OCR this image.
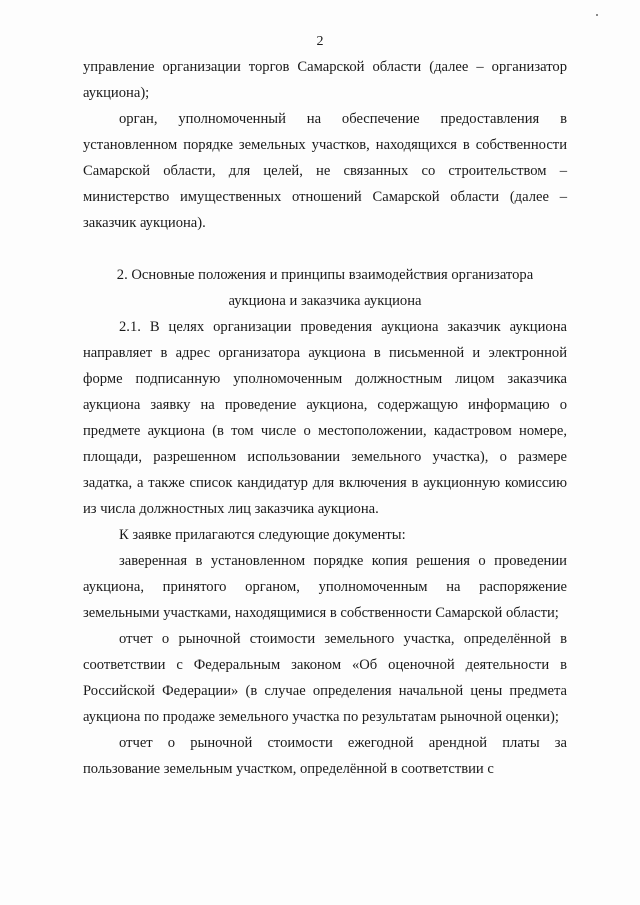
2

управление организации торгов Самарской области (далее – организатор аукциона);

орган, уполномоченный на обеспечение предоставления в установленном порядке земельных участков, находящихся в собственности Самарской области, для целей, не связанных со строительством – министерство имущественных отношений Самарской области (далее – заказчик аукциона).

2. Основные положения и принципы взаимодействия организатора
аукциона и заказчика аукциона

2.1. В целях организации проведения аукциона заказчик аукциона направляет в адрес организатора аукциона в письменной и электронной форме подписанную уполномоченным должностным лицом заказчика аукциона заявку на проведение аукциона, содержащую информацию о предмете аукциона (в том числе о местоположении, кадастровом номере, площади, разрешенном использовании земельного участка), о размере задатка, а также список кандидатур для включения в аукционную комиссию из числа должностных лиц заказчика аукциона.

К заявке прилагаются следующие документы:

заверенная в установленном порядке копия решения о проведении аукциона, принятого органом, уполномоченным на распоряжение земельными участками, находящимися в собственности Самарской области;

отчет о рыночной стоимости земельного участка, определённой в соответствии с Федеральным законом «Об оценочной деятельности в Российской Федерации» (в случае определения начальной цены предмета аукциона по продаже земельного участка по результатам рыночной оценки);

отчет о рыночной стоимости ежегодной арендной платы за пользование земельным участком, определённой в соответствии с
